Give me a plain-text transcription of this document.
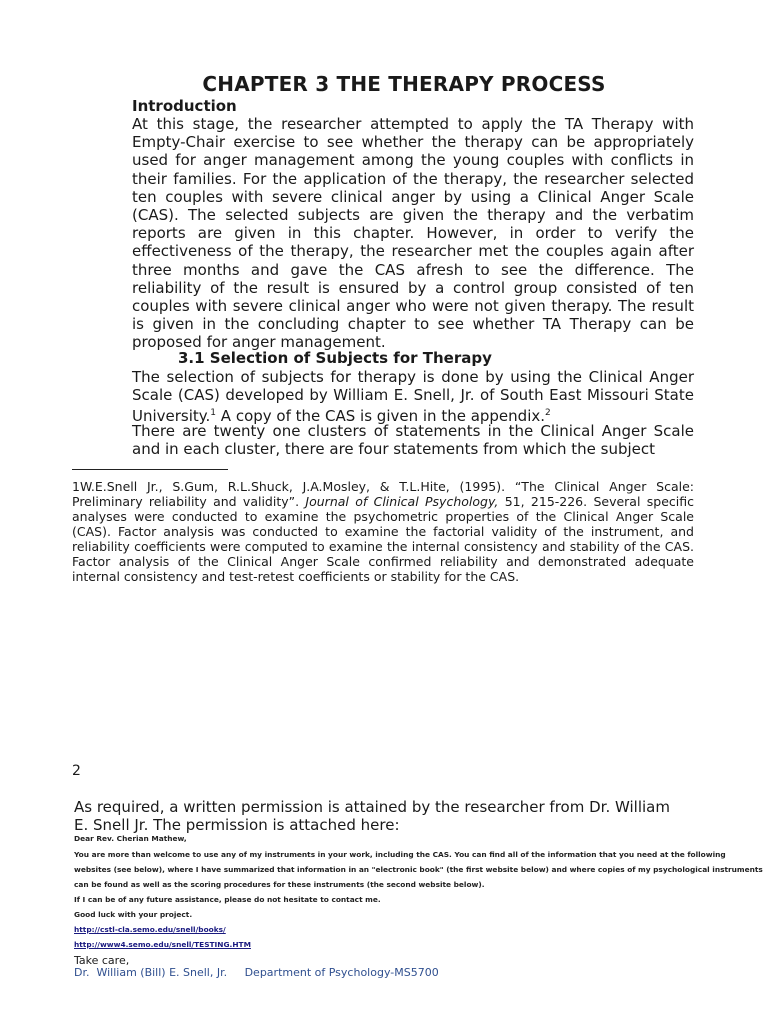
CHAPTER 3 THE THERAPY PROCESS
Introduction

At this stage, the researcher attempted to apply the TA Therapy with Empty-Chair exercise to see whether the therapy can be appropriately used for anger management among the young couples with conflicts in their families. For the application of the therapy, the researcher selected ten couples with severe clinical anger by using a Clinical Anger Scale (CAS). The selected subjects are given the therapy and the verbatim reports are given in this chapter. However, in order to verify the effectiveness of the therapy, the researcher met the couples again after three months and gave the CAS afresh to see the difference. The reliability of the result is ensured by a control group consisted of ten couples with severe clinical anger who were not given therapy. The result is given in the concluding chapter to see whether TA Therapy can be proposed for anger management.

3.1 Selection of Subjects for Therapy

The selection of subjects for therapy is done by using the Clinical Anger Scale (CAS) developed by William E. Snell, Jr. of South East Missouri State University.$^1$ A copy of the CAS is given in the appendix.$^2$

There are twenty one clusters of statements in the Clinical Anger Scale and in each cluster, there are four statements from which the subject

1W.E.Snell Jr., S.Gum, R.L.Shuck, J.A.Mosley, & T.L.Hite, (1995). “The Clinical Anger Scale: Preliminary reliability and validity”. Journal of Clinical Psychology, 51, 215-226. Several specific analyses were conducted to examine the psychometric properties of the Clinical Anger Scale (CAS). Factor analysis was conducted to examine the factorial validity of the instrument, and reliability coefficients were computed to examine the internal consistency and stability of the CAS. Factor analysis of the Clinical Anger Scale confirmed reliability and demonstrated adequate internal consistency and test-retest coefficients or stability for the CAS.

2

As required, a written permission is attained by the researcher from Dr. William E. Snell Jr. The permission is attached here:

Dear Rev. Cherian Mathew,
You are more than welcome to use any of my instruments in your work, including the CAS. You can find all of the information that you need at the following
websites (see below), where I have summarized that information in an "electronic book" (the first website below) and where copies of my psychological instruments
can be found as well as the scoring procedures for these instruments (the second website below).
If I can be of any future assistance, please do not hesitate to contact me.
Good luck with your project.
http://cstl-cla.semo.edu/snell/books/
http://www4.semo.edu/snell/TESTING.HTM
Take care,
Dr.  William (Bill) E. Snell, Jr.     Department of Psychology-MS5700
